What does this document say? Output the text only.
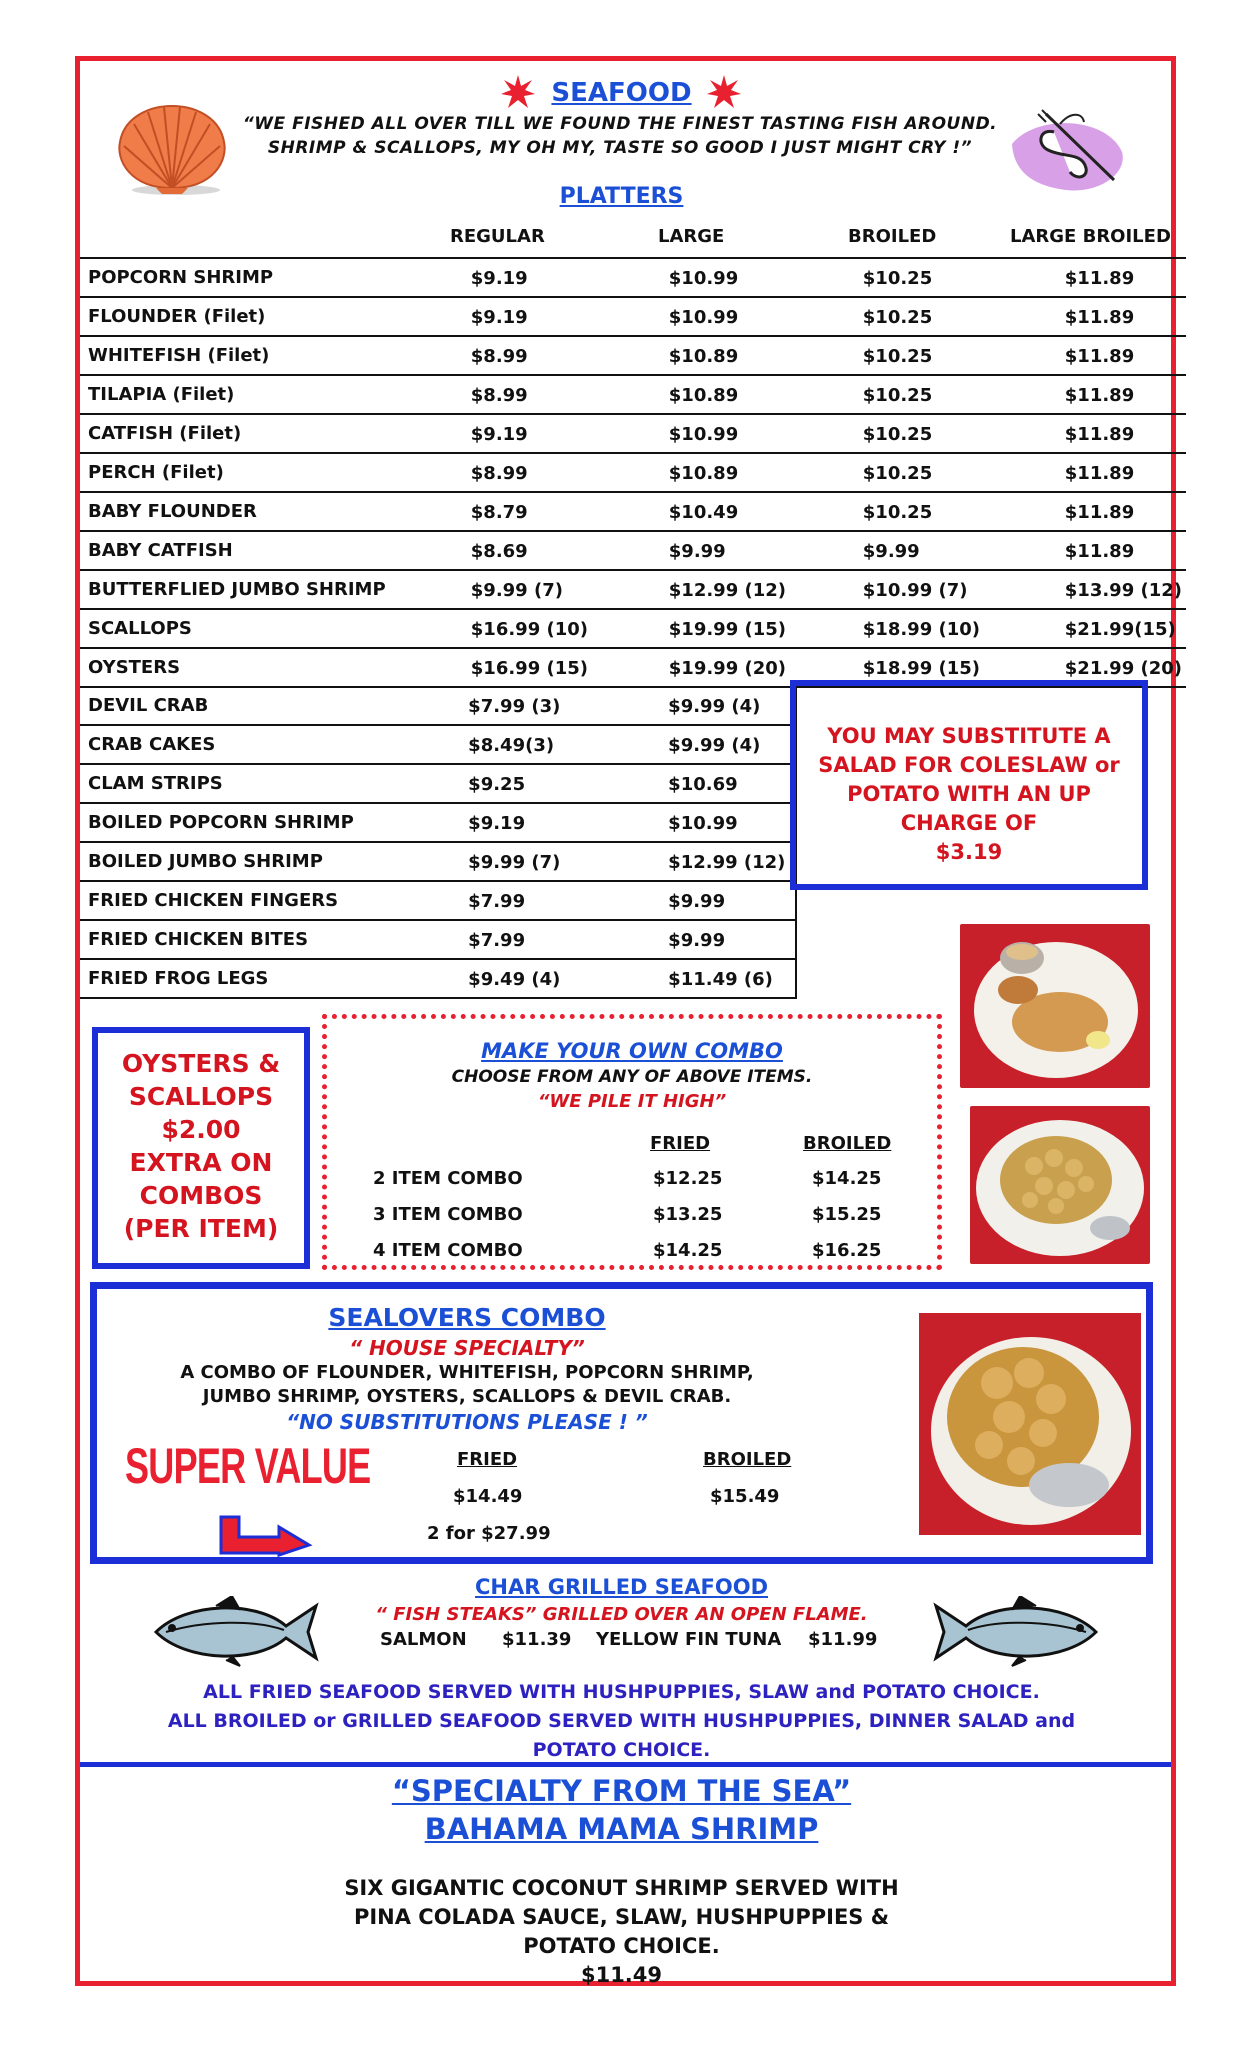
SEAFOOD
“WE FISHED ALL OVER TILL WE FOUND THE FINEST TASTING FISH AROUND.
SHRIMP & SCALLOPS, MY OH MY, TASTE SO GOOD I JUST MIGHT CRY !”
PLATTERS
REGULAR	LARGE	BROILED	LARGE BROILED
POPCORN SHRIMP	$9.19 $10.99 $10.25 $11.89

FLOUNDER (Filet)	$9.19 $10.99 $10.25 $11.89

WHITEFISH (Filet)	$8.99 $10.89 $10.25 $11.89

TILAPIA (Filet)	$8.99 $10.89 $10.25 $11.89

CATFISH (Filet)	$9.19 $10.99 $10.25 $11.89

PERCH (Filet)	$8.99 $10.89 $10.25 $11.89

BABY FLOUNDER	$8.79 $10.49 $10.25 $11.89

BABY CATFISH	$8.69 $9.99 $9.99 $11.89

BUTTERFLIED JUMBO SHRIMP	$9.99 (7) $12.99 (12) $10.99 (7) $13.99 (12)

SCALLOPS	$16.99 (10) $19.99 (15) $18.99 (10) $21.99(15)

OYSTERS	$16.99 (15) $19.99 (20) $18.99 (15) $21.99 (20)
DEVIL CRAB	$7.99 (3) $9.99 (4)

CRAB CAKES	$8.49(3) $9.99 (4)

CLAM STRIPS	$9.25 $10.69

BOILED POPCORN SHRIMP	$9.19 $10.99

BOILED JUMBO SHRIMP	$9.99 (7) $12.99 (12)

FRIED CHICKEN FINGERS	$7.99 $9.99

FRIED CHICKEN BITES	$7.99 $9.99

FRIED FROG LEGS	$9.49 (4) $11.49 (6)
YOU MAY SUBSTITUTE A
SALAD FOR COLESLAW or
POTATO WITH AN UP
CHARGE OF
$3.19
OYSTERS &
SCALLOPS
$2.00
EXTRA ON
COMBOS
(PER ITEM)
MAKE YOUR OWN COMBO
CHOOSE FROM ANY OF ABOVE ITEMS.
“WE PILE IT HIGH”
FRIED	BROILED
2 ITEM COMBO	$12.25	$14.25
3 ITEM COMBO	$13.25	$15.25
4 ITEM COMBO	$14.25	$16.25
SEALOVERS COMBO
“ HOUSE SPECIALTY”
A COMBO OF FLOUNDER, WHITEFISH, POPCORN SHRIMP,
JUMBO SHRIMP, OYSTERS, SCALLOPS & DEVIL CRAB.
“NO SUBSTITUTIONS PLEASE ! ”
SUPER VALUE	FRIED	BROILED
$14.49	$15.49
2 for $27.99
CHAR GRILLED SEAFOOD
“ FISH STEAKS” GRILLED OVER AN OPEN FLAME.
SALMON $11.39 YELLOW FIN TUNA $11.99
ALL FRIED SEAFOOD SERVED WITH HUSHPUPPIES, SLAW and POTATO CHOICE.
ALL BROILED or GRILLED SEAFOOD SERVED WITH HUSHPUPPIES, DINNER SALAD and
POTATO CHOICE.
“SPECIALTY FROM THE SEA”
BAHAMA MAMA SHRIMP
SIX GIGANTIC COCONUT SHRIMP SERVED WITH
PINA COLADA SAUCE, SLAW, HUSHPUPPIES &
POTATO CHOICE.
$11.49
